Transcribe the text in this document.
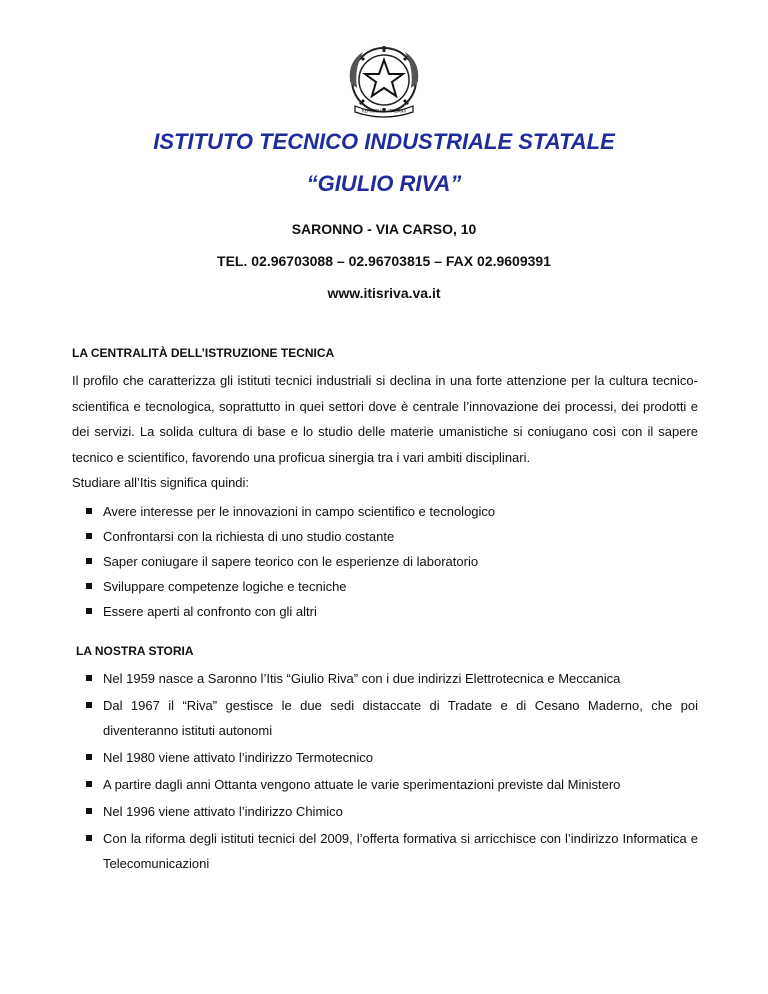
REPUBBLICA ITALIANA

ISTITUTO TECNICO INDUSTRIALE STATALE

“GIULIO RIVA”

SARONNO - VIA CARSO, 10

TEL. 02.96703088 – 02.96703815 – FAX 02.9609391

www.itisriva.va.it

LA CENTRALITÀ DELL’ISTRUZIONE TECNICA

Il profilo che caratterizza gli istituti tecnici industriali si declina in una forte attenzione per la cultura tecnico-scientifica e tecnologica, soprattutto in quei settori dove è centrale l’innovazione dei processi, dei prodotti e dei servizi. La solida cultura di base e lo studio delle materie umanistiche si coniugano così con il sapere tecnico e scientifico, favorendo una proficua sinergia tra i vari ambiti disciplinari.

Studiare all’Itis significa quindi:

Avere interesse per le innovazioni in campo scientifico e tecnologico
Confrontarsi con la richiesta di uno studio costante
Saper coniugare il sapere teorico con le esperienze di laboratorio
Sviluppare competenze logiche e tecniche
Essere aperti al confronto con gli altri

LA NOSTRA STORIA

Nel 1959 nasce a Saronno l’Itis “Giulio Riva” con i due indirizzi Elettrotecnica e Meccanica
Dal 1967 il “Riva” gestisce le due sedi distaccate di Tradate e di Cesano Maderno, che poi diventeranno istituti autonomi
Nel 1980 viene attivato l’indirizzo Termotecnico
A partire dagli anni Ottanta vengono attuate le varie sperimentazioni previste dal Ministero
Nel 1996 viene attivato l’indirizzo Chimico
Con la riforma degli istituti tecnici del 2009, l’offerta formativa si arricchisce con l’indirizzo Informatica e Telecomunicazioni
